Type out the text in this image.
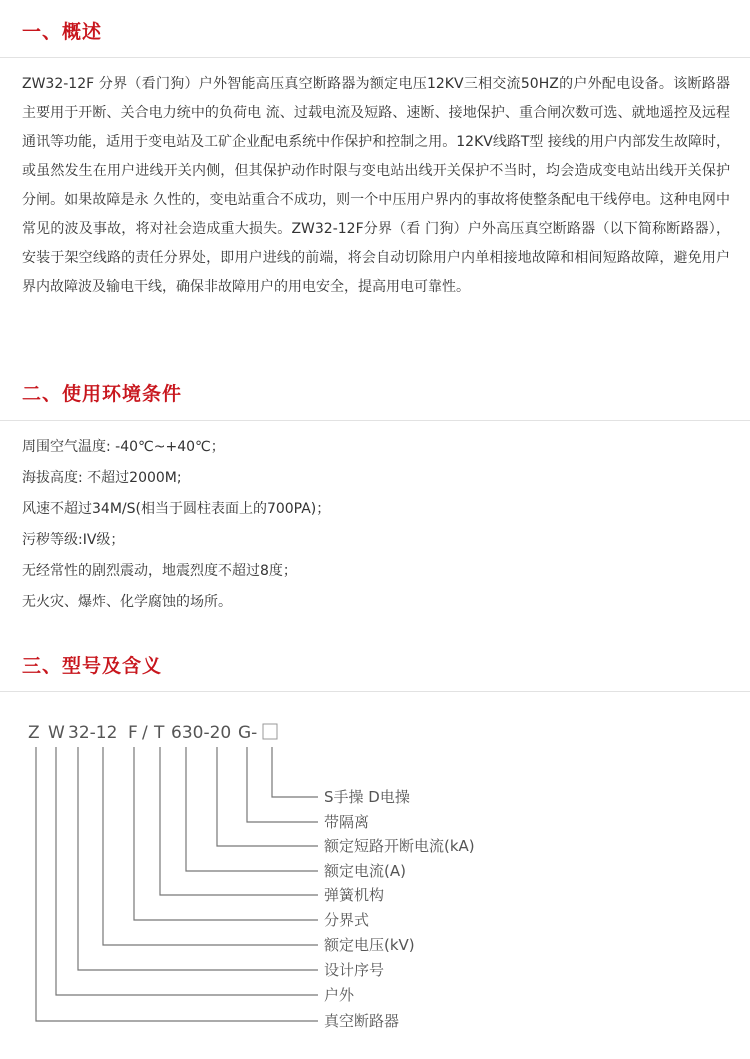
一、概述

ZW32-12F 分界（看门狗）户外智能高压真空断路器为额定电压12KV三相交流50HZ的户外配电设备。该断路器主要用于开断、关合电力统中的负荷电 流、过载电流及短路、速断、接地保护、重合闸次数可选、就地遥控及远程通讯等功能，适用于变电站及工矿企业配电系统中作保护和控制之用。12KV线路T型 接线的用户内部发生故障时，或虽然发生在用户进线开关内侧，但其保护动作时限与变电站出线开关保护不当时，均会造成变电站出线开关保护分闸。如果故障是永 久性的，变电站重合不成功，则一个中压用户界内的事故将使整条配电干线停电。这种电网中常见的波及事故，将对社会造成重大损失。ZW32-12F分界（看 门狗）户外高压真空断路器（以下简称断路器），安装于架空线路的责任分界处，即用户进线的前端，将会自动切除用户内单相接地故障和相间短路故障，避免用户 界内故障波及输电干线，确保非故障用户的用电安全，提高用电可靠性。

二、使用环境条件
周围空气温度: -40℃~+40℃；
海拔高度: 不超过2000M;
风速不超过34M/S(相当于圆柱表面上的700PA)；
污秽等级:IV级；
无经常性的剧烈震动，地震烈度不超过8度；
无火灾、爆炸、化学腐蚀的场所。
三、型号及含义
Z W 32-12 F / T 630-20 G-
S手操 D电操
带隔离
额定短路开断电流(kA)
额定电流(A)
弹簧机构
分界式
额定电压(kV)
设计序号
户外
真空断路器
